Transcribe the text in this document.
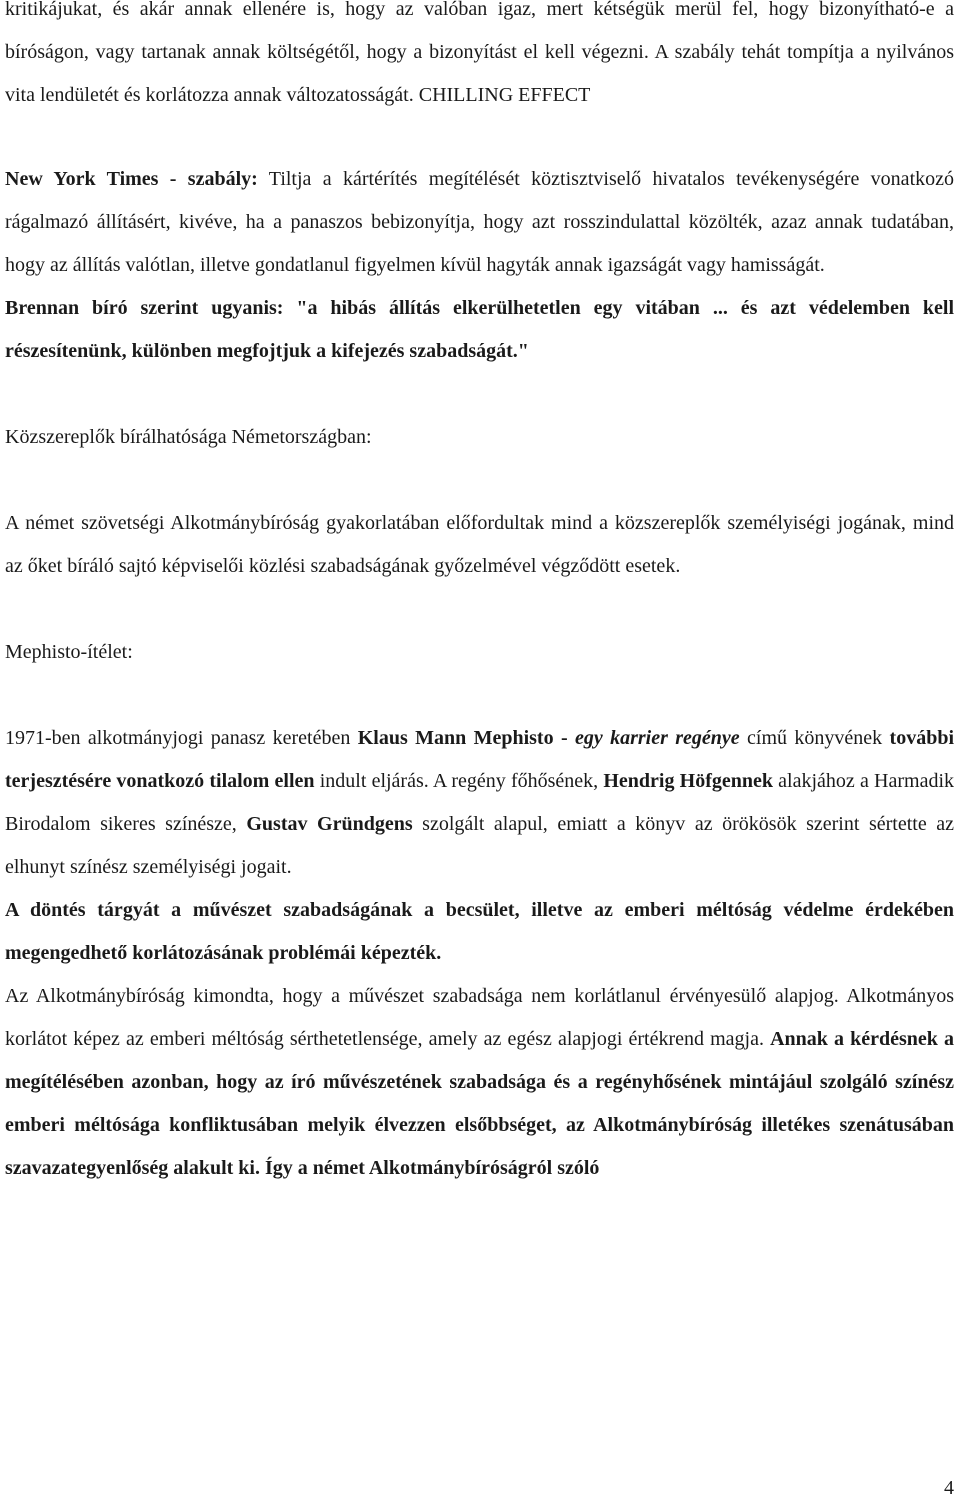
kritikájukat, és akár annak ellenére is, hogy az valóban igaz, mert kétségük merül fel, hogy bizonyítható-e a bíróságon, vagy tartanak annak költségétől, hogy a bizonyítást el kell végezni. A szabály tehát tompítja a nyilvános vita lendületét és korlátozza annak változatosságát. CHILLING EFFECT

New York Times - szabály: Tiltja a kártérítés megítélését köztisztviselő hivatalos tevékenységére vonatkozó rágalmazó állításért, kivéve, ha a panaszos bebizonyítja, hogy azt rosszindulattal közölték, azaz annak tudatában, hogy az állítás valótlan, illetve gondatlanul figyelmen kívül hagyták annak igazságát vagy hamisságát.

Brennan bíró szerint ugyanis: "a hibás állítás elkerülhetetlen egy vitában ... és azt védelemben kell részesítenünk, különben megfojtjuk a kifejezés szabadságát."

Közszereplők bírálhatósága Németországban:

A német szövetségi Alkotmánybíróság gyakorlatában előfordultak mind a közszereplők személyiségi jogának, mind az őket bíráló sajtó képviselői közlési szabadságának győzelmével végződött esetek.

Mephisto-ítélet:

1971-ben alkotmányjogi panasz keretében Klaus Mann Mephisto - egy karrier regénye című könyvének további terjesztésére vonatkozó tilalom ellen indult eljárás. A regény főhősének, Hendrig Höfgennek alakjához a Harmadik Birodalom sikeres színésze, Gustav Gründgens szolgált alapul, emiatt a könyv az örökösök szerint sértette az elhunyt színész személyiségi jogait.

A döntés tárgyát a művészet szabadságának a becsület, illetve az emberi méltóság védelme érdekében megengedhető korlátozásának problémái képezték.

Az Alkotmánybíróság kimondta, hogy a művészet szabadsága nem korlátlanul érvényesülő alapjog. Alkotmányos korlátot képez az emberi méltóság sérthetetlensége, amely az egész alapjogi értékrend magja. Annak a kérdésnek a megítélésében azonban, hogy az író művészetének szabadsága és a regényhősének mintájául szolgáló színész emberi méltósága konfliktusában melyik élvezzen elsőbbséget, az Alkotmánybíróság illetékes szenátusában szavazategyenlőség alakult ki. Így a német Alkotmánybíróságról szóló

4
